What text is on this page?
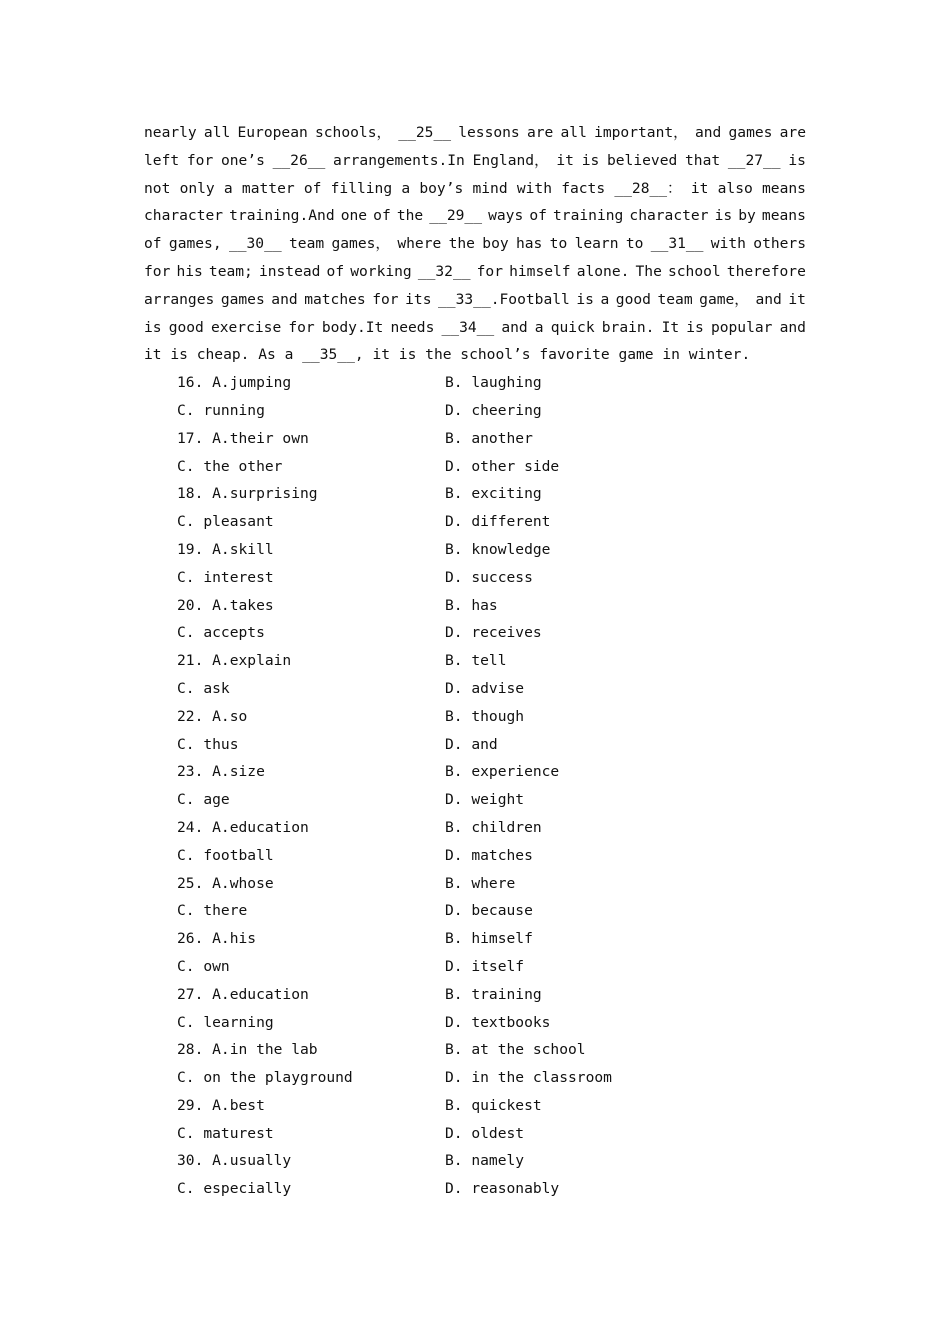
nearly all European schools， __25__ lessons are all important， and games are
left for one’s __26__ arrangements.In England， it is believed that __27__ is
not only a matter of filling a boy’s mind with facts __28__： it also means
character training.And one of the __29__ ways of training character is by means
of games, __30__ team games， where the boy has to learn to __31__ with others
for his team; instead of working __32__ for himself alone. The school therefore
arranges games and matches for its __33__.Football is a good team game， and it
is good exercise for body.It needs __34__ and a quick brain. It is popular and
it is cheap. As a __35__, it is the school’s favorite game in winter.
16. A.jumping	B. laughing
C. running	D. cheering
17. A.their own	B. another
C. the other	D. other side
18. A.surprising	B. exciting
C. pleasant	D. different
19. A.skill	B. knowledge
C. interest	D. success
20. A.takes	B. has
C. accepts	D. receives
21. A.explain	B. tell
C. ask	D. advise
22. A.so	B. though
C. thus	D. and
23. A.size	B. experience
C. age	D. weight
24. A.education	B. children
C. football	D. matches
25. A.whose	B. where
C. there	D. because
26. A.his	B. himself
C. own	D. itself
27. A.education	B. training
C. learning	D. textbooks
28. A.in the lab	B. at the school
C. on the playground	D. in the classroom
29. A.best	B. quickest
C. maturest	D. oldest
30. A.usually	B. namely
C. especially	D. reasonably
